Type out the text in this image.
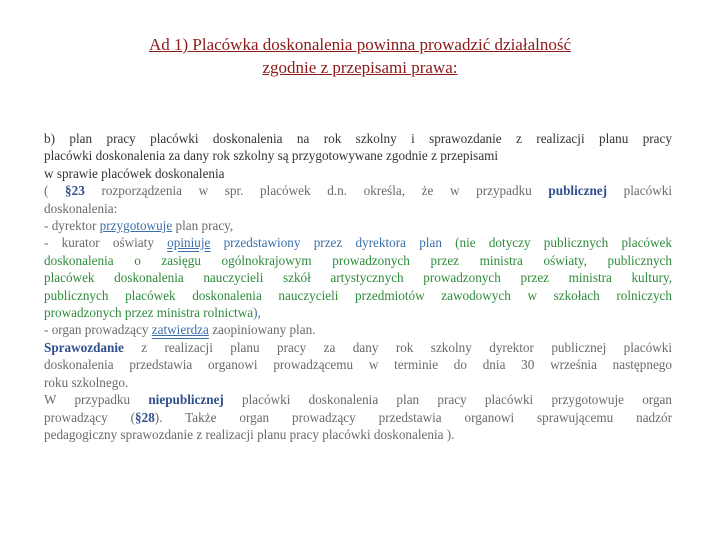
Ad 1) Placówka doskonalenia powinna prowadzić działalność
zgodnie z przepisami prawa:
b) plan pracy placówki doskonalenia na rok szkolny i sprawozdanie z realizacji planu pracy
placówki doskonalenia za dany rok szkolny są przygotowywane zgodnie z przepisami
w sprawie placówek doskonalenia
( §23 rozporządzenia w spr. placówek d.n. określa, że w przypadku publicznej placówki
doskonalenia:
- dyrektor przygotowuje plan pracy,
- kurator oświaty opiniuje przedstawiony przez dyrektora plan (nie dotyczy publicznych placówek
doskonalenia o zasięgu ogólnokrajowym prowadzonych przez ministra oświaty, publicznych
placówek doskonalenia nauczycieli szkół artystycznych prowadzonych przez ministra kultury,
publicznych placówek doskonalenia nauczycieli przedmiotów zawodowych w szkołach rolniczych
prowadzonych przez ministra rolnictwa),
- organ prowadzący zatwierdza zaopiniowany plan.
Sprawozdanie z realizacji planu pracy za dany rok szkolny dyrektor publicznej placówki
doskonalenia przedstawia organowi prowadzącemu w terminie do dnia 30 września następnego
roku szkolnego.
W przypadku niepublicznej placówki doskonalenia plan pracy placówki przygotowuje organ
prowadzący (§28). Także organ prowadzący przedstawia organowi sprawującemu nadzór
pedagogiczny sprawozdanie z realizacji planu pracy placówki doskonalenia ).
